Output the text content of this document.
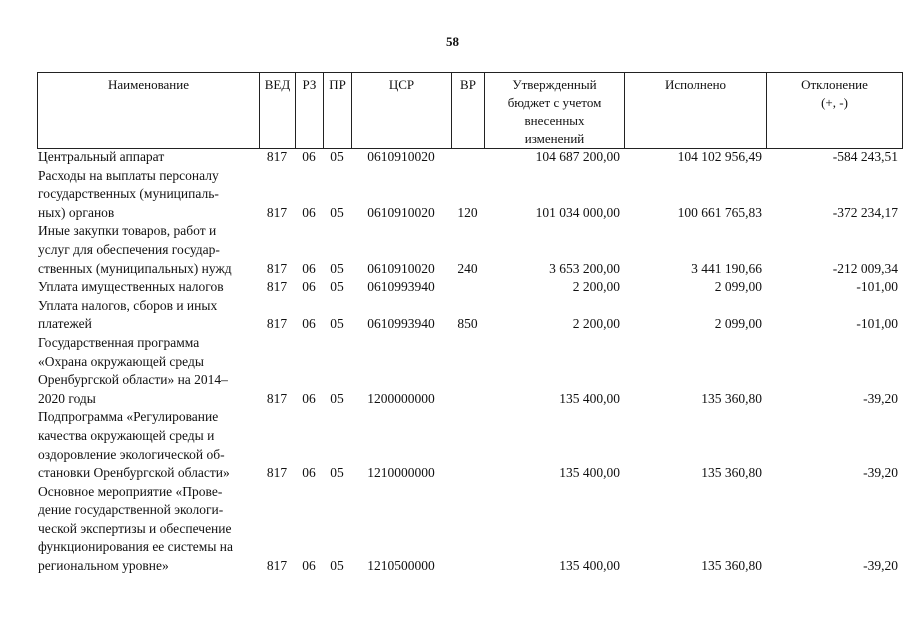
58
Наименование	ВЕД	РЗ	ПР	ЦСР	ВР	Утвержденный
бюджет с учетом
внесенных
изменений
	Исполнено	Отклонение
(+, -)
Центральный аппарат	817	06	05	0610910020		104 687 200,00	104 102 956,49	-584 243,51

Расходы на выплаты персоналу
государственных (муниципаль-
ных) органов	817	06	05	0610910020	120	101 034 000,00	100 661 765,83	-372 234,17

Иные закупки товаров, работ и
услуг для обеспечения государ-
ственных (муниципальных) нужд	817	06	05	0610910020	240	3 653 200,00	3 441 190,66	-212 009,34

Уплата имущественных налогов	817	06	05	0610993940		2 200,00	2 099,00	-101,00

Уплата налогов, сборов и иных
платежей	817	06	05	0610993940	850	2 200,00	2 099,00	-101,00

Государственная программа
«Охрана окружающей среды
Оренбургской области» на 2014–
2020 годы	817	06	05	1200000000		135 400,00	135 360,80	-39,20

Подпрограмма «Регулирование
качества окружающей среды и
оздоровление экологической об-
становки Оренбургской области»	817	06	05	1210000000		135 400,00	135 360,80	-39,20

Основное мероприятие «Прове-
дение государственной экологи-
ческой экспертизы и обеспечение
функционирования ее системы на
региональном уровне»	817	06	05	1210500000		135 400,00	135 360,80	-39,20
